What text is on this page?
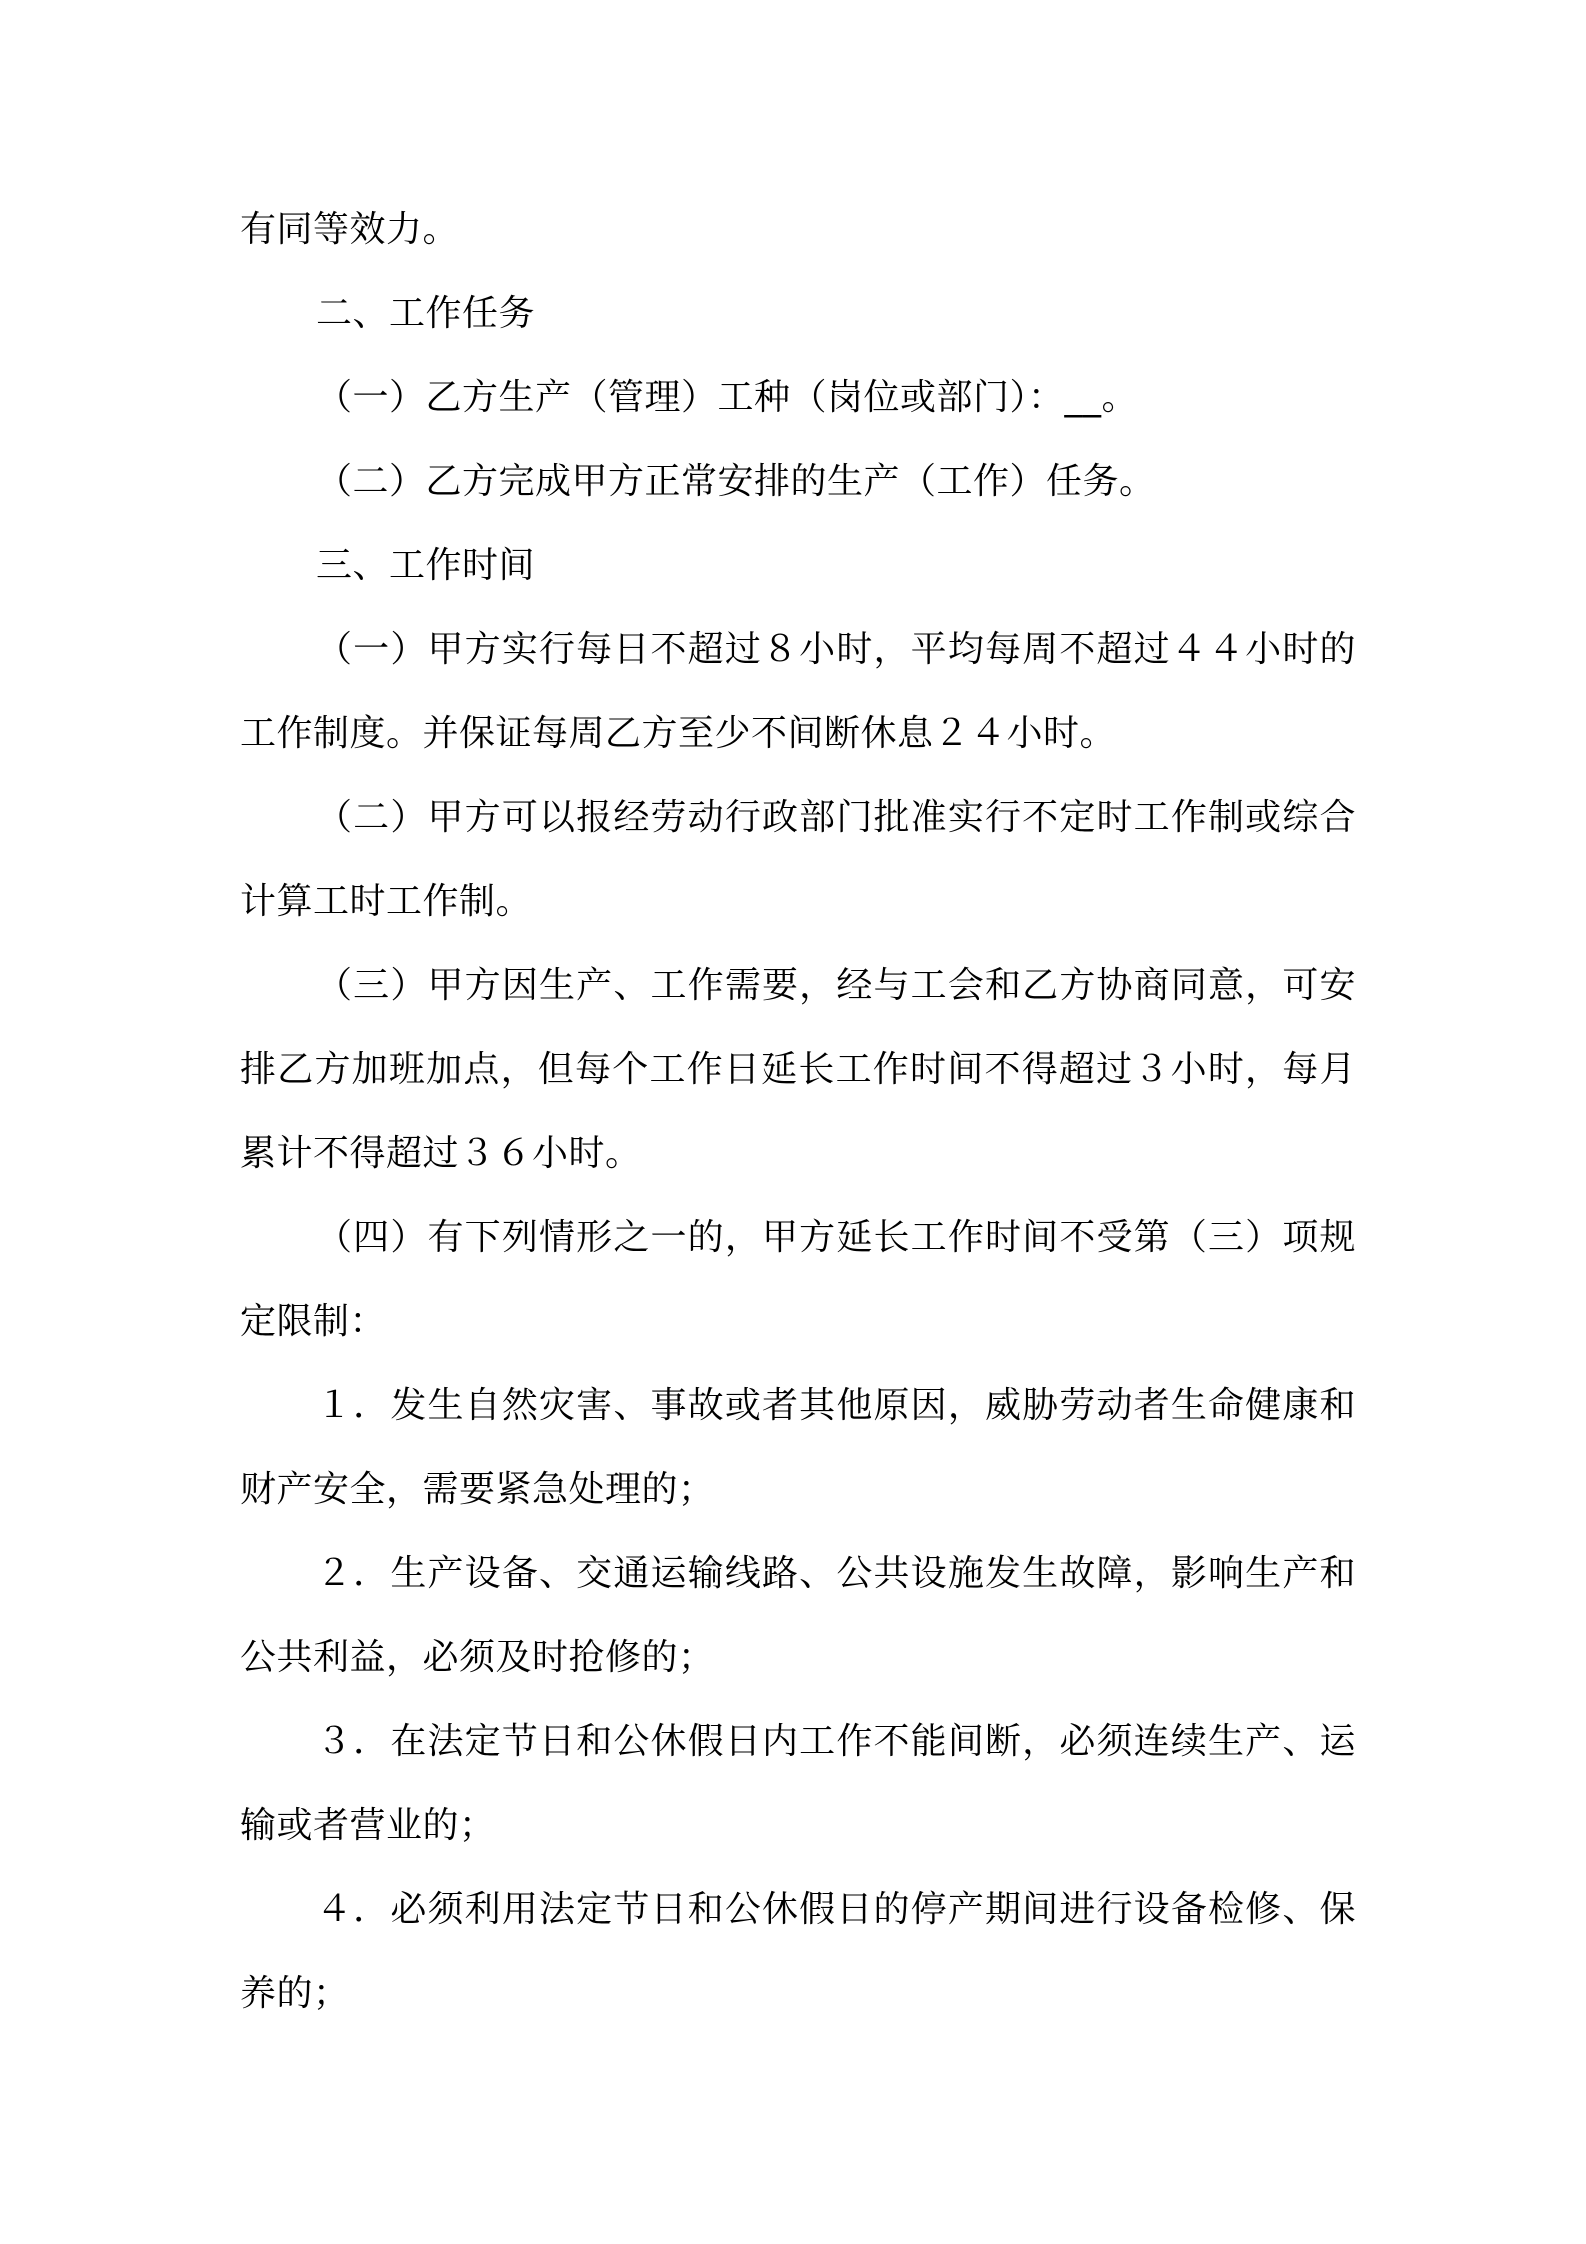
有同等效力。

二、工作任务

（一）乙方生产（管理）工种（岗位或部门）：__。

（二）乙方完成甲方正常安排的生产（工作）任务。

三、工作时间

（一）甲方实行每日不超过８小时，平均每周不超过４４小时的工作制度。并保证每周乙方至少不间断休息２４小时。

（二）甲方可以报经劳动行政部门批准实行不定时工作制或综合计算工时工作制。

（三）甲方因生产、工作需要，经与工会和乙方协商同意，可安排乙方加班加点，但每个工作日延长工作时间不得超过３小时，每月累计不得超过３６小时。

（四）有下列情形之一的，甲方延长工作时间不受第（三）项规定限制：

１．发生自然灾害、事故或者其他原因，威胁劳动者生命健康和财产安全，需要紧急处理的；

２．生产设备、交通运输线路、公共设施发生故障，影响生产和公共利益，必须及时抢修的；

３．在法定节日和公休假日内工作不能间断，必须连续生产、运输或者营业的；

４．必须利用法定节日和公休假日的停产期间进行设备检修、保养的；
